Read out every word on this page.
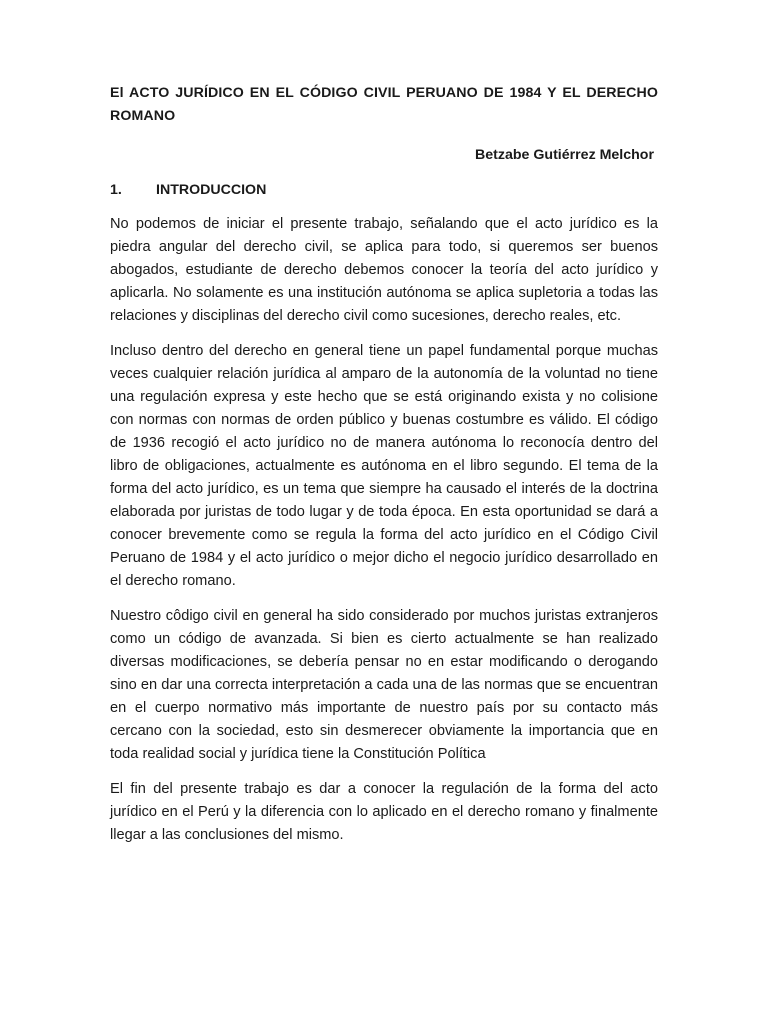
El ACTO JURÍDICO EN EL CÓDIGO CIVIL PERUANO DE 1984 Y EL DERECHO ROMANO

Betzabe Gutiérrez Melchor

1.	INTRODUCCION

No podemos de iniciar el presente trabajo, señalando que el acto jurídico es la piedra angular del derecho civil, se aplica para todo, si queremos ser buenos abogados, estudiante de derecho debemos conocer la teoría del acto jurídico y aplicarla. No solamente es una institución autónoma se aplica supletoria a todas las relaciones y disciplinas del derecho civil como sucesiones, derecho reales, etc.

Incluso dentro del derecho en general tiene un papel fundamental porque muchas veces cualquier relación jurídica al amparo de la autonomía de la voluntad no tiene una regulación expresa y este hecho que se está originando exista y no colisione con normas con normas de orden público y buenas costumbre es válido. El código de 1936 recogió el acto jurídico no de manera autónoma lo reconocía dentro del libro de obligaciones, actualmente es autónoma en el libro segundo. El tema de la forma del acto jurídico, es un tema que siempre ha causado el interés de la doctrina elaborada por juristas de todo lugar y de toda época. En esta oportunidad se dará a conocer brevemente como se regula la forma del acto jurídico en el Código Civil Peruano de 1984 y el acto jurídico o mejor dicho el negocio jurídico desarrollado en el derecho romano.

Nuestro côdigo civil en general ha sido considerado por muchos juristas extranjeros como un código de avanzada. Si bien es cierto actualmente se han realizado diversas modificaciones, se debería pensar no en estar modificando o derogando sino en dar una correcta interpretación a cada una de las normas que se encuentran en el cuerpo normativo más importante de nuestro país por su contacto más cercano con la sociedad, esto sin desmerecer obviamente la importancia que en toda realidad social y jurídica tiene la Constitución Política

El fin del presente trabajo es dar a conocer la regulación de la forma del acto jurídico en el Perú y la diferencia con lo aplicado en el derecho romano y finalmente llegar a las conclusiones del mismo.
